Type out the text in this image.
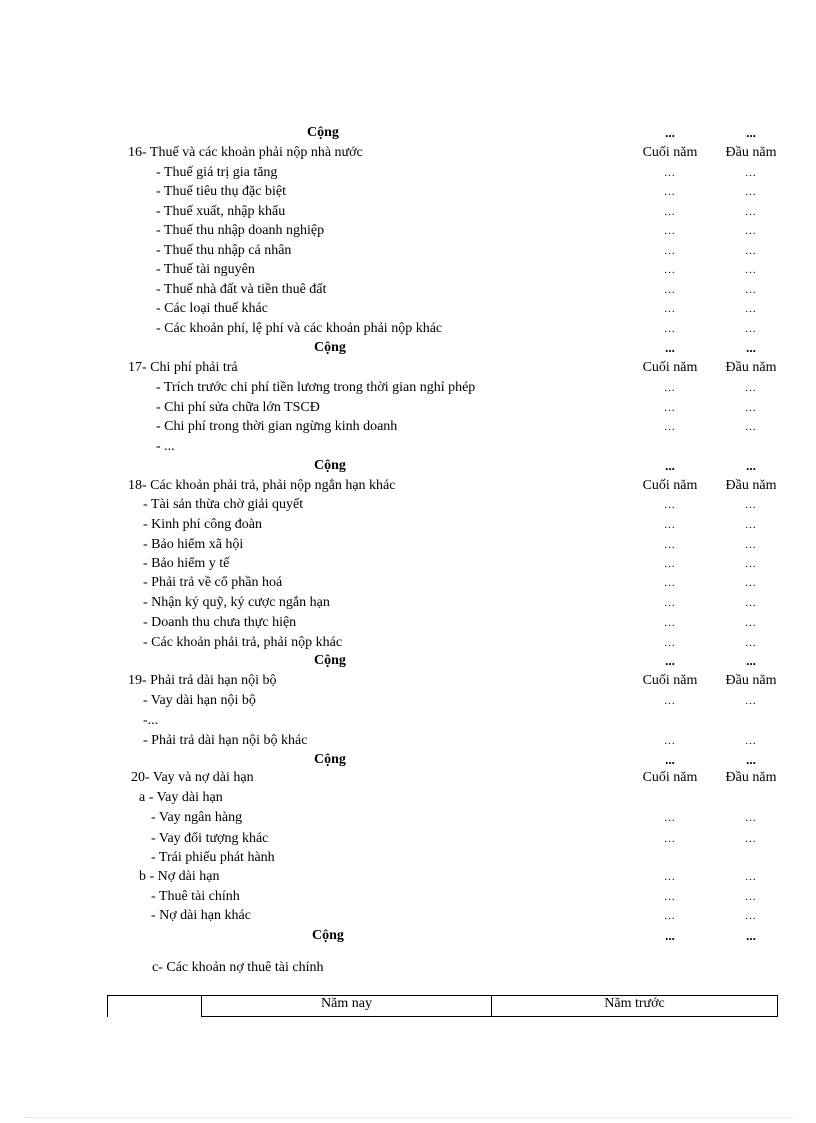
Cộng	...	...
16- Thuế và các khoản phải nộp nhà nước	Cuối năm	Đầu năm
- Thuế giá trị gia tăng	...	...
- Thuế tiêu thụ đặc biệt	...	...
- Thuế xuất, nhập khẩu	...	...
- Thuế thu nhập doanh nghiệp	...	...
- Thuế thu nhập cá nhân	...	...
- Thuế tài nguyên	...	...
- Thuế nhà đất và tiền thuê đất	...	...
- Các loại thuế khác	...	...
- Các khoản phí, lệ phí và các khoản phải nộp khác	...	...
Cộng	...	...
17- Chi phí phải trả	Cuối năm	Đầu năm
- Trích trước chi phí tiền lương trong thời gian nghỉ phép	...	...
- Chi phí sửa chữa lớn TSCĐ	...	...
- Chi phí trong thời gian ngừng kinh doanh	...	...
- ...
Cộng	...	...
18- Các khoản phải trả, phải nộp ngắn hạn khác	Cuối năm	Đầu năm
- Tài sản thừa chờ giải quyết	...	...
- Kinh phí công đoàn	...	...
- Bảo hiểm xã hội	...	...
- Bảo hiểm y tế	...	...
- Phải trả về cổ phần hoá	...	...
- Nhận ký quỹ, ký cược ngắn hạn	...	...
- Doanh thu chưa thực hiện	...	...
- Các khoản phải trả, phải nộp khác	...	...
Cộng	...	...
19- Phải trả dài hạn nội bộ	Cuối năm	Đầu năm
- Vay dài hạn nội bộ	...	...
-...
- Phải trả dài hạn nội bộ khác	...	...
Cộng	...	...
20- Vay và nợ dài hạn	Cuối năm	Đầu năm
a - Vay dài hạn
- Vay ngân hàng	...	...
- Vay đối tượng khác	...	...
- Trái phiếu phát hành
b - Nợ dài hạn	...	...
- Thuê tài chính	...	...
- Nợ dài hạn khác	...	...
Cộng	...	...
c- Các khoản nợ thuê tài chính
	Năm nay	Năm trước
